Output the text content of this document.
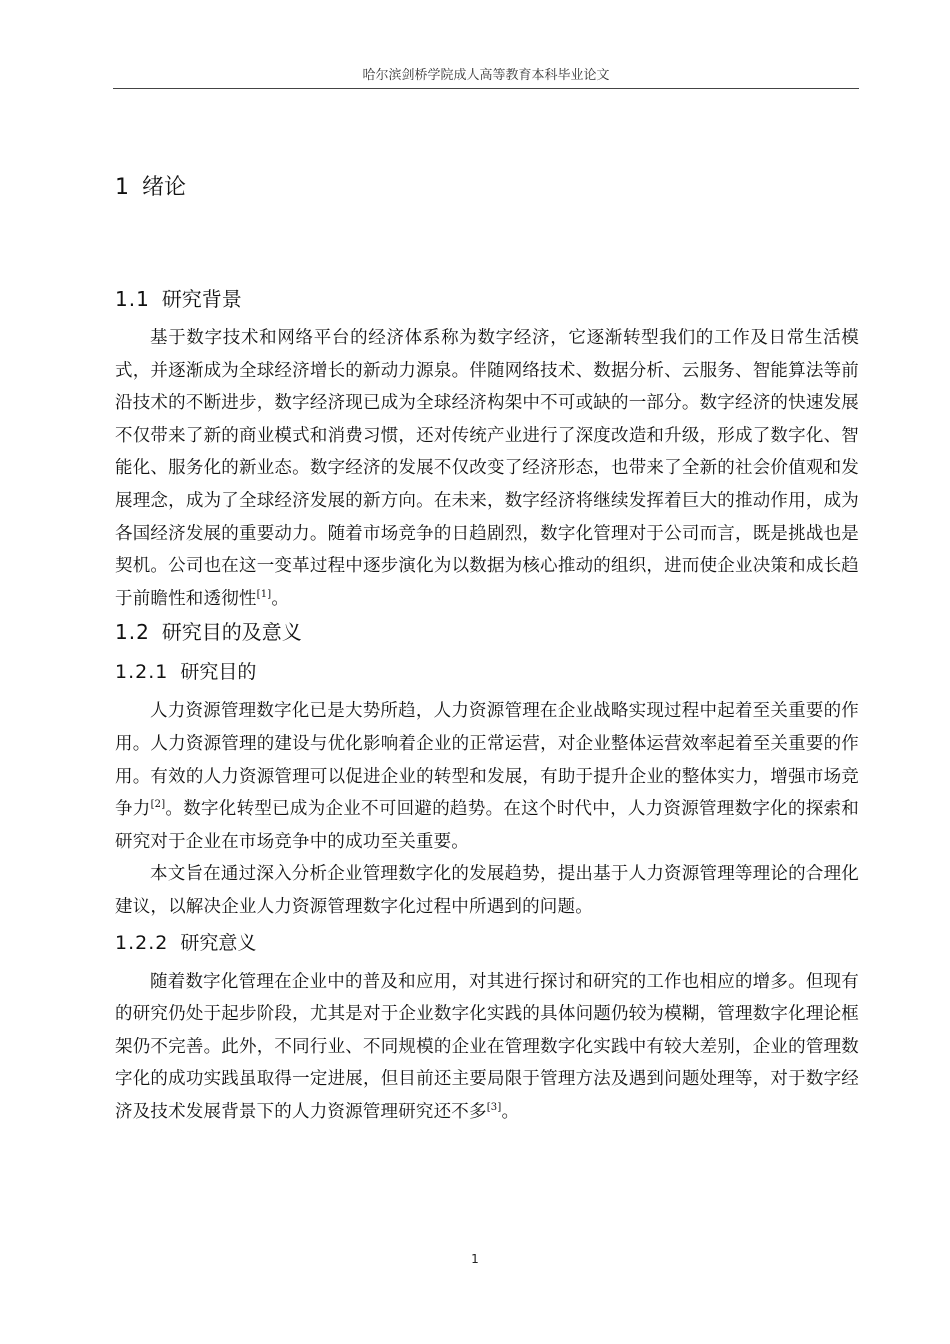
哈尔滨剑桥学院成人高等教育本科毕业论文
1 绪论
1.1 研究背景

基于数字技术和网络平台的经济体系称为数字经济，它逐渐转型我们的工作及日常生活模式，并逐渐成为全球经济增长的新动力源泉。伴随网络技术、数据分析、云服务、智能算法等前沿技术的不断进步，数字经济现已成为全球经济构架中不可或缺的一部分。数字经济的快速发展不仅带来了新的商业模式和消费习惯，还对传统产业进行了深度改造和升级，形成了数字化、智能化、服务化的新业态。数字经济的发展不仅改变了经济形态，也带来了全新的社会价值观和发展理念，成为了全球经济发展的新方向。在未来，数字经济将继续发挥着巨大的推动作用，成为各国经济发展的重要动力。随着市场竞争的日趋剧烈，数字化管理对于公司而言，既是挑战也是契机。公司也在这一变革过程中逐步演化为以数据为核心推动的组织，进而使企业决策和成长趋于前瞻性和透彻性[1]。

1.2 研究目的及意义
1.2.1 研究目的

人力资源管理数字化已是大势所趋，人力资源管理在企业战略实现过程中起着至关重要的作用。人力资源管理的建设与优化影响着企业的正常运营，对企业整体运营效率起着至关重要的作用。有效的人力资源管理可以促进企业的转型和发展，有助于提升企业的整体实力，增强市场竞争力[2]。数字化转型已成为企业不可回避的趋势。在这个时代中，人力资源管理数字化的探索和研究对于企业在市场竞争中的成功至关重要。

本文旨在通过深入分析企业管理数字化的发展趋势，提出基于人力资源管理等理论的合理化建议，以解决企业人力资源管理数字化过程中所遇到的问题。

1.2.2 研究意义

随着数字化管理在企业中的普及和应用，对其进行探讨和研究的工作也相应的增多。但现有的研究仍处于起步阶段，尤其是对于企业数字化实践的具体问题仍较为模糊，管理数字化理论框架仍不完善。此外，不同行业、不同规模的企业在管理数字化实践中有较大差别，企业的管理数字化的成功实践虽取得一定进展，但目前还主要局限于管理方法及遇到问题处理等，对于数字经济及技术发展背景下的人力资源管理研究还不多[3]。

1
